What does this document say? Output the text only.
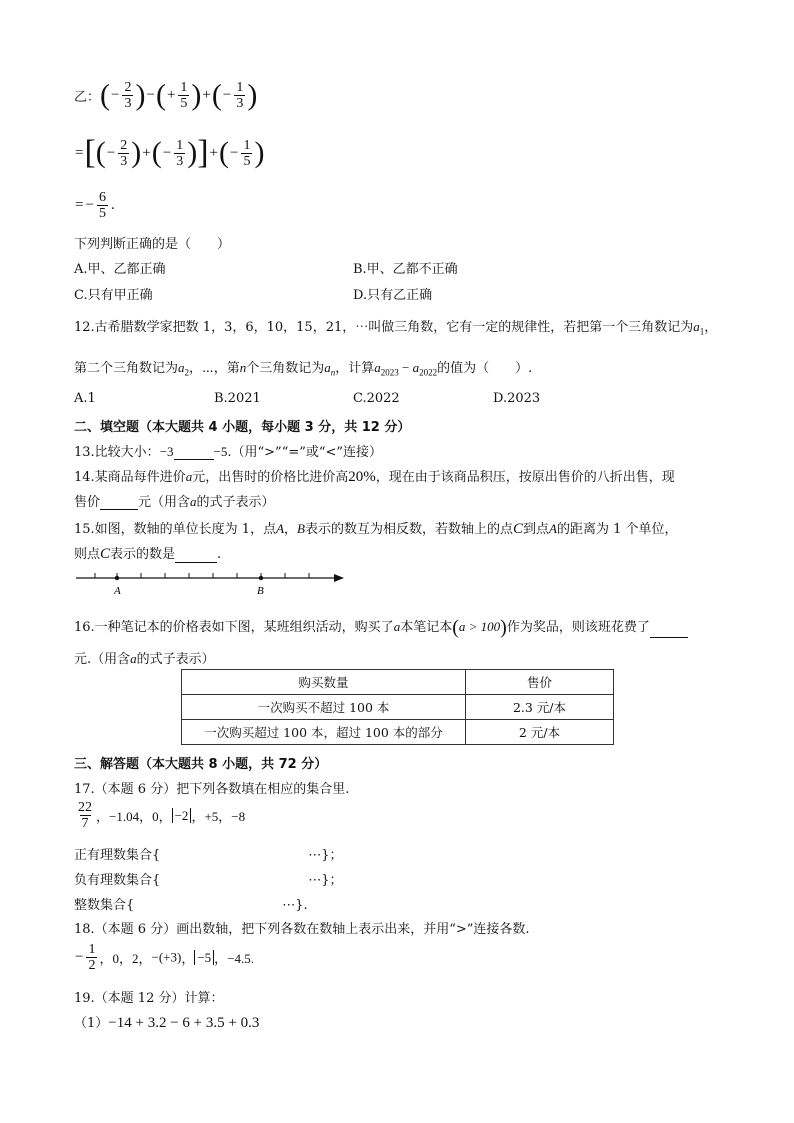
乙：(− $\frac{2}{3}$ )−(+ $\frac{1}{5}$ )+(− $\frac{1}{3}$ )
=[(− $\frac{2}{3}$ )+(− $\frac{1}{3}$ )]+(− $\frac{1}{5}$ )
= − $\frac{6}{5}$ .
下列判断正确的是（　　）
A.甲、乙都正确	B.甲、乙都不正确
C.只有甲正确	D.只有乙正确
12.古希腊数学家把数 1，3，6，10，15，21，⋯叫做三角数，它有一定的规律性，若把第一个三角数记为$a_1$，
第二个三角数记为$a_2$，⋯，第n个三角数记为$a_n$，计算$a_{2023} - a_{2022}$的值为（　　）.
A.1	B.2021	C.2022	D.2023
二、填空题（本大题共 4 小题，每小题 3 分，共 12 分）
13.比较大小：−3	−5.（用“>”“=”或“<”连接）
14.某商品每件进价a元，出售时的价格比进价高20%，现在由于该商品积压，按原出售价的八折出售，现
售价	元（用含a的式子表示）
15.如图，数轴的单位长度为 1，点A，B表示的数互为相反数，若数轴上的点C到点A的距离为 1 个单位，
则点C表示的数是	.
A	B
16.一种笔记本的价格表如下图，某班组织活动，购买了a本笔记本(a > 100)作为奖品，则该班花费了
元.（用含a的式子表示）
购买数量	售价
一次购买不超过 100 本	2.3 元/本
一次购买超过 100 本，超过 100 本的部分	2 元/本
三、解答题（本大题共 8 小题，共 72 分）
17.（本题 6 分）把下列各数填在相应的集合里.
$\frac{22}{7}$ ，−1.04，0， −2 ，+5，−8
正有理数集合{	⋯}；
负有理数集合{	⋯}；
整数集合{	⋯}.
18.（本题 6 分）画出数轴，把下列各数在数轴上表示出来，并用“>”连接各数.
− $\frac{1}{2}$ ，0，2，−(+3)， −5 ，−4.5.
19.（本题 12 分）计算：
（1）−14 + 3.2 − 6 + 3.5 + 0.3
